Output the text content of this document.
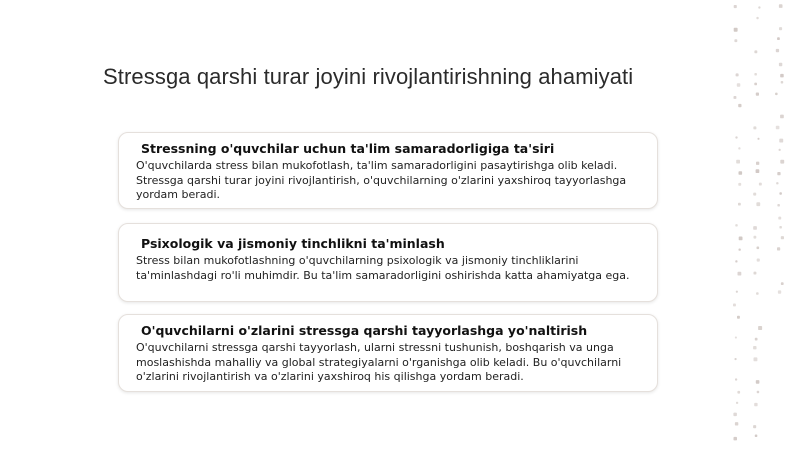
Stressga qarshi turar joyini rivojlantirishning ahamiyati
Stressning o'quvchilar uchun ta'lim samaradorligiga ta'siri
O'quvchilarda stress bilan mukofotlash, ta'lim samaradorligini pasaytirishga olib keladi. Stressga qarshi turar joyini rivojlantirish, o'quvchilarning o'zlarini yaxshiroq tayyorlashga yordam beradi.
Psixologik va jismoniy tinchlikni ta'minlash
Stress bilan mukofotlashning o'quvchilarning psixologik va jismoniy tinchliklarini ta'minlashdagi ro'li muhimdir. Bu ta'lim samaradorligini oshirishda katta ahamiyatga ega.
O'quvchilarni o'zlarini stressga qarshi tayyorlashga yo'naltirish
O'quvchilarni stressga qarshi tayyorlash, ularni stressni tushunish, boshqarish va unga moslashishda mahalliy va global strategiyalarni o'rganishga olib keladi. Bu o'quvchilarni o'zlarini rivojlantirish va o'zlarini yaxshiroq his qilishga yordam beradi.
